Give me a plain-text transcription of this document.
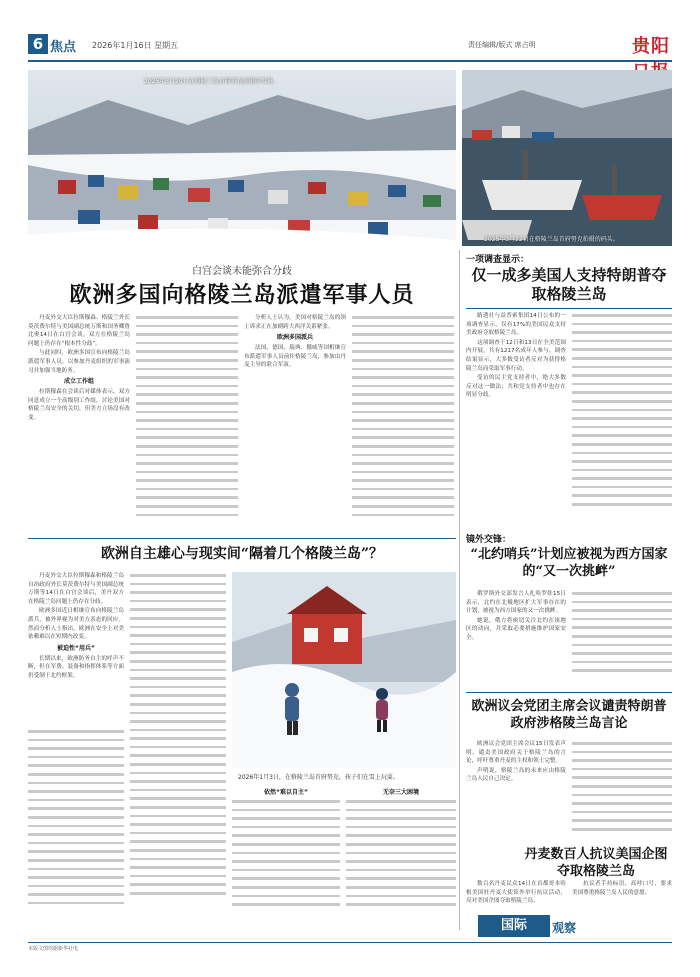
6 焦点 2026年1月16日 星期五	责任编辑/版式 席占明	贵阳
2025年3月20日在格陵兰岛首府努克拍摄的雪景。
2025年3月22日在格陵兰岛首府努克拍摄的码头。
白宫会谈未能弥合分歧
欧洲多国向格陵兰岛派遣军事人员

丹麦外交大臣拉斯穆森、格陵兰外长莫茨费尔特与美国副总统万斯和国务卿鲁比奥14日在白宫会谈。双方在格陵兰岛问题上仍存在“根本性分歧”。

与此同时，欧洲多国宣布向格陵兰岛派遣军事人员，以参加丹麦组织的军事演习并加强当地防务。

成立工作组

拉斯穆森在会谈后对媒体表示，双方同意成立一个高级别工作组，讨论美国对格陵兰岛安全的关切，但美方立场没有改变。

分析人士认为，美国对格陵兰岛的领土诉求正在加剧跨大西洋关系紧张。

欧洲多国派兵

法国、德国、瑞典、挪威等国相继宣布派遣军事人员前往格陵兰岛，参加由丹麦主导的联合军演。

一项调查显示：
仅一成多美国人支持特朗普夺取格陵兰岛

路透社与益普索集团14日公布的一项调查显示，仅有17%的美国民众支持美政府夺取格陵兰岛。

这项调查于12日和13日在全美范围内开展，共有1217名成年人参与。调查结果显示，大多数受访者反对为获得格陵兰岛而采取军事行动。

受访的民主党支持者中，绝大多数反对这一做法；共和党支持者中也存在明显分歧。

欧洲自主雄心与现实间“隔着几个格陵兰岛”？

丹麦外交大臣拉斯穆森和格陵兰岛自治政府外长莫茨费尔特与美国副总统万斯等14日在白宫会谈后，美丹双方在格陵兰岛问题上仍存在分歧。

欧洲多国近日相继宣布向格陵兰岛派兵，被外界视为对美方表态的回应。然而分析人士指出，欧洲在安全上对美依赖难以在短期内改变。

被迫性“用兵”

长期以来，欧洲防务自主的呼声不断，但在军费、装备和指挥体系等方面仍受制于北约框架。

2026年1月3日，在格陵兰岛首府努克，孩子们在雪上玩耍。
依然“难以自主”	无奈三大困境
镜外交锋：
“北约哨兵”计划应被视为西方国家的“又一次挑衅”

俄罗斯外交部发言人扎哈罗娃15日表示，北约在北极地区扩大军事存在的计划，被视为西方国家的又一次挑衅。

她说，俄方将密切关注北约在该地区的动向，并采取必要措施维护国家安全。

欧洲议会党团主席会议谴责特朗普政府涉格陵兰岛言论

欧洲议会党团主席会议15日发表声明，谴责美国政府关于格陵兰岛的言论，呼吁尊重丹麦的主权和领土完整。

声明说，格陵兰岛的未来应由格陵兰岛人民自己决定。

丹麦数百人抗议美国企图夺取格陵兰岛

数百名丹麦民众14日在首都哥本哈根美国驻丹麦大使馆外举行抗议活动，反对美国企图夺取格陵兰岛。

抗议者手持标语，高呼口号，要求美国尊重格陵兰岛人民的意愿。

国际	观察
本版文图均据新华社电
